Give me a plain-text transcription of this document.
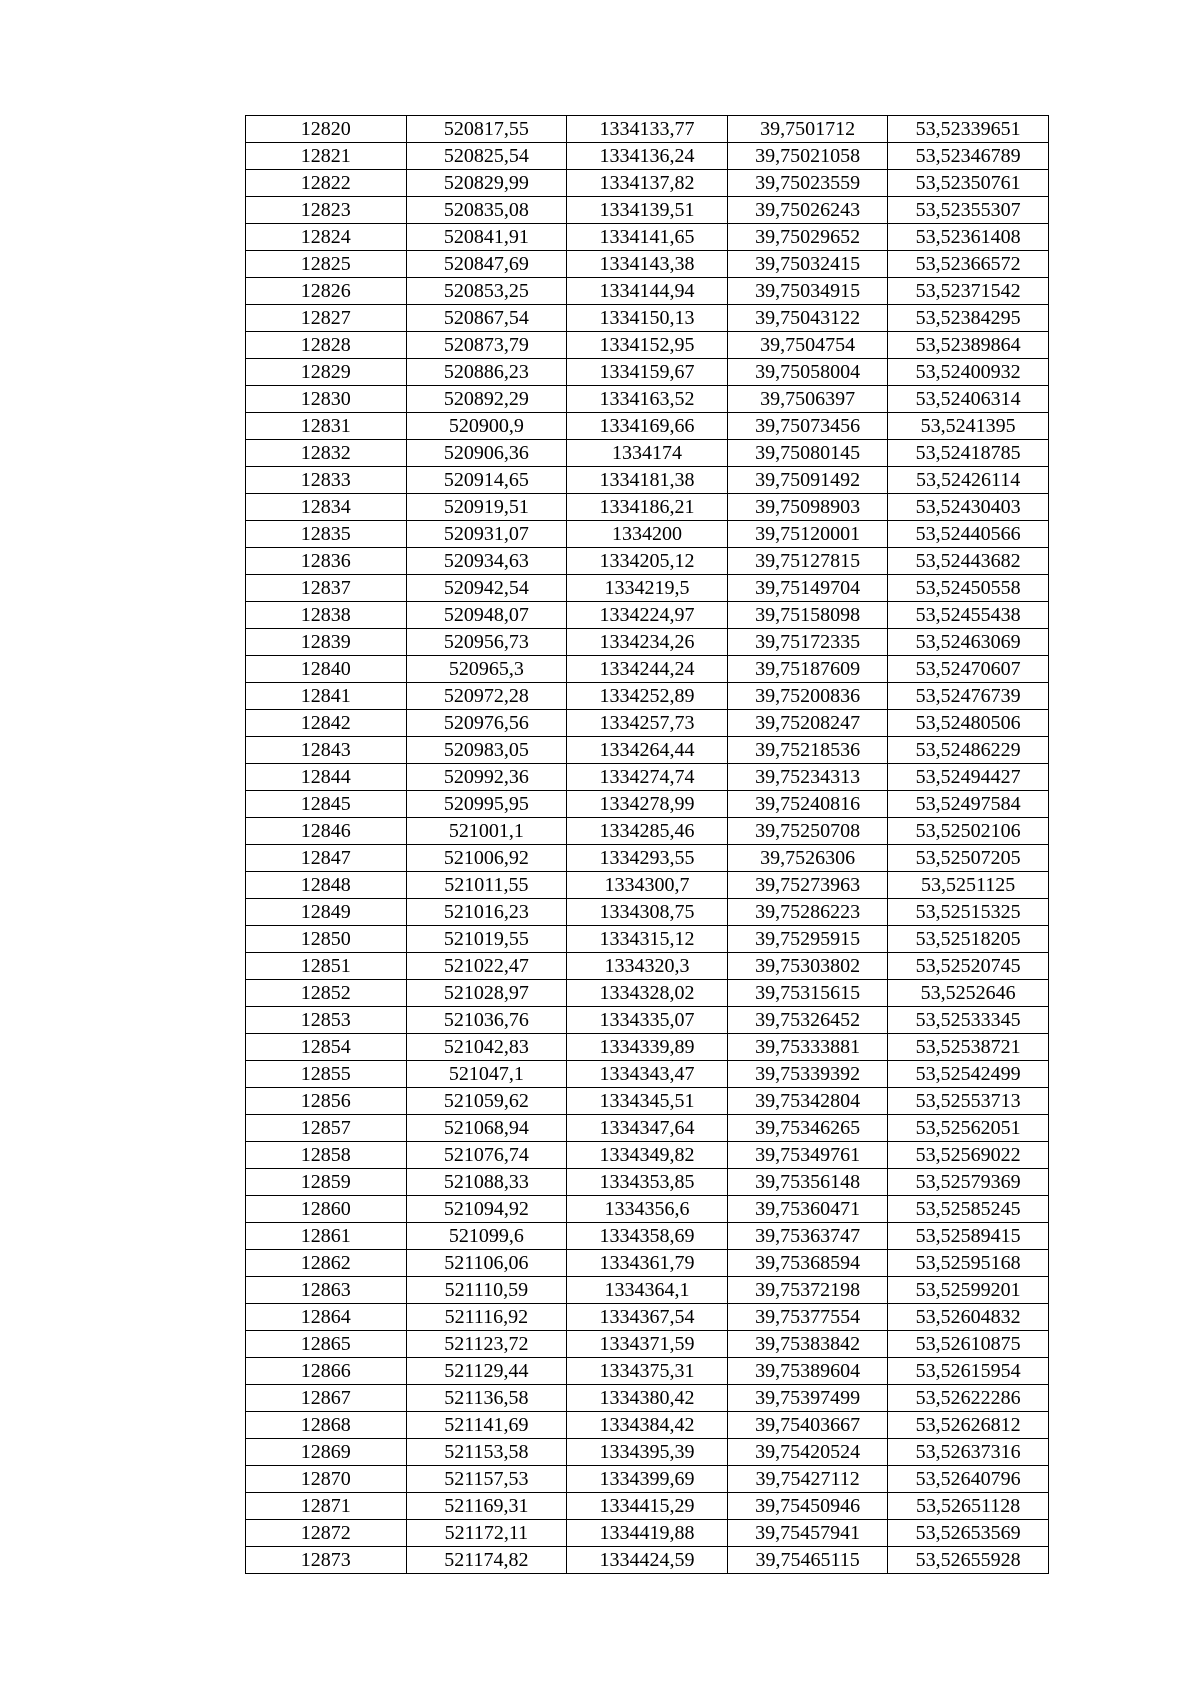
12820	520817,55	1334133,77	39,7501712	53,52339651
12821	520825,54	1334136,24	39,75021058	53,52346789
12822	520829,99	1334137,82	39,75023559	53,52350761
12823	520835,08	1334139,51	39,75026243	53,52355307
12824	520841,91	1334141,65	39,75029652	53,52361408
12825	520847,69	1334143,38	39,75032415	53,52366572
12826	520853,25	1334144,94	39,75034915	53,52371542
12827	520867,54	1334150,13	39,75043122	53,52384295
12828	520873,79	1334152,95	39,7504754	53,52389864
12829	520886,23	1334159,67	39,75058004	53,52400932
12830	520892,29	1334163,52	39,7506397	53,52406314
12831	520900,9	1334169,66	39,75073456	53,5241395
12832	520906,36	1334174	39,75080145	53,52418785
12833	520914,65	1334181,38	39,75091492	53,52426114
12834	520919,51	1334186,21	39,75098903	53,52430403
12835	520931,07	1334200	39,75120001	53,52440566
12836	520934,63	1334205,12	39,75127815	53,52443682
12837	520942,54	1334219,5	39,75149704	53,52450558
12838	520948,07	1334224,97	39,75158098	53,52455438
12839	520956,73	1334234,26	39,75172335	53,52463069
12840	520965,3	1334244,24	39,75187609	53,52470607
12841	520972,28	1334252,89	39,75200836	53,52476739
12842	520976,56	1334257,73	39,75208247	53,52480506
12843	520983,05	1334264,44	39,75218536	53,52486229
12844	520992,36	1334274,74	39,75234313	53,52494427
12845	520995,95	1334278,99	39,75240816	53,52497584
12846	521001,1	1334285,46	39,75250708	53,52502106
12847	521006,92	1334293,55	39,7526306	53,52507205
12848	521011,55	1334300,7	39,75273963	53,5251125
12849	521016,23	1334308,75	39,75286223	53,52515325
12850	521019,55	1334315,12	39,75295915	53,52518205
12851	521022,47	1334320,3	39,75303802	53,52520745
12852	521028,97	1334328,02	39,75315615	53,5252646
12853	521036,76	1334335,07	39,75326452	53,52533345
12854	521042,83	1334339,89	39,75333881	53,52538721
12855	521047,1	1334343,47	39,75339392	53,52542499
12856	521059,62	1334345,51	39,75342804	53,52553713
12857	521068,94	1334347,64	39,75346265	53,52562051
12858	521076,74	1334349,82	39,75349761	53,52569022
12859	521088,33	1334353,85	39,75356148	53,52579369
12860	521094,92	1334356,6	39,75360471	53,52585245
12861	521099,6	1334358,69	39,75363747	53,52589415
12862	521106,06	1334361,79	39,75368594	53,52595168
12863	521110,59	1334364,1	39,75372198	53,52599201
12864	521116,92	1334367,54	39,75377554	53,52604832
12865	521123,72	1334371,59	39,75383842	53,52610875
12866	521129,44	1334375,31	39,75389604	53,52615954
12867	521136,58	1334380,42	39,75397499	53,52622286
12868	521141,69	1334384,42	39,75403667	53,52626812
12869	521153,58	1334395,39	39,75420524	53,52637316
12870	521157,53	1334399,69	39,75427112	53,52640796
12871	521169,31	1334415,29	39,75450946	53,52651128
12872	521172,11	1334419,88	39,75457941	53,52653569
12873	521174,82	1334424,59	39,75465115	53,52655928
